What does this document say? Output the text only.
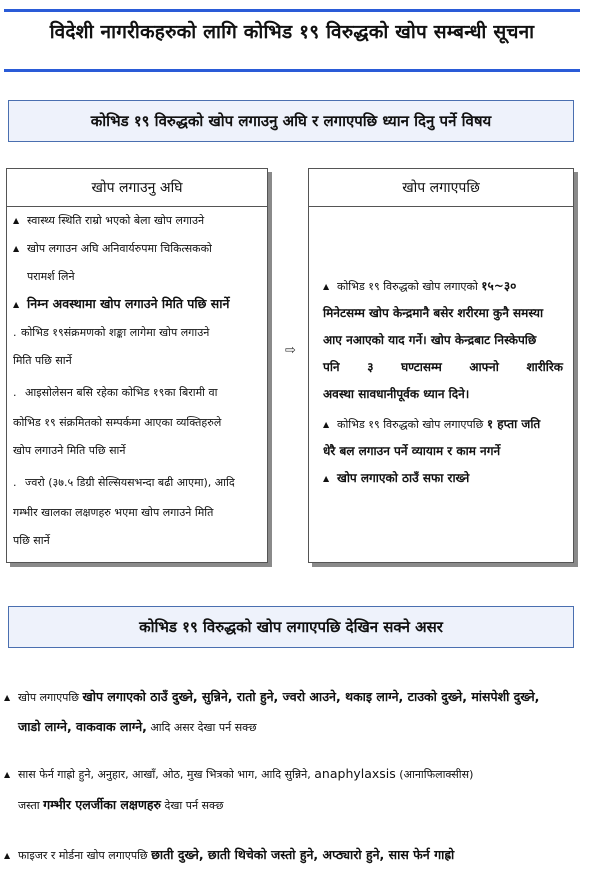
विदेशी नागरीकहरुको लागि कोभिड १९ विरुद्धको खोप सम्बन्धी सूचना
कोभिड १९ विरुद्धको खोप लगाउनु अघि र लगाएपछि ध्यान दिनु पर्ने विषय
खोप लगाउनु अघि
▲ स्वास्थ्य स्थिति राम्रो भएको बेला खोप लगाउने
▲ खोप लगाउन अघि अनिवार्यरुपमा चिकित्सकको
परामर्श लिने
▲ निम्न अवस्थामा खोप लगाउने मिति पछि सार्ने
. कोभिड १९संक्रमणको शङ्का लागेमा खोप लगाउने
मिति पछि सार्ने
. आइसोलेसन बसि रहेका कोभिड १९का बिरामी वा
कोभिड १९ संक्रमितको सम्पर्कमा आएका व्यक्तिहरुले
खोप लगाउने मिति पछि सार्ने
. ज्वरो (३७.५ डिग्री सेल्सियसभन्दा बढी आएमा), आदि
गम्भीर खालका लक्षणहरु भएमा खोप लगाउने मिति
पछि सार्ने
⇨
खोप लगाएपछि
▲ कोभिड १९ विरुद्धको खोप लगाएको १५~३०
मिनेटसम्म खोप केन्द्रमानै बसेर शरीरमा कुनै समस्या
आए नआएको याद गर्ने। खोप केन्द्रबाट निस्केपछि
पनि ३ घण्टासम्म आफ्नो शारीरिक
अवस्था सावधानीपूर्वक ध्यान दिने।
▲ कोभिड १९ विरुद्धको खोप लगाएपछि १ हप्ता जति
धेरै बल लगाउन पर्ने व्यायाम र काम नगर्ने
▲ खोप लगाएको ठाउँ सफा राख्ने
कोभिड १९ विरुद्धको खोप लगाएपछि देखिन सक्ने असर
▲ खोप लगाएपछि खोप लगाएको ठाउँ दुख्ने, सुन्निने, रातो हुने, ज्वरो आउने, थकाइ लाग्ने, टाउको दुख्ने, मांसपेशी दुख्ने,
जाडो लाग्ने, वाकवाक लाग्ने, आदि असर देखा पर्न सक्छ
▲ सास फेर्न गाह्रो हुने, अनुहार, आखाँ, ओठ, मुख भित्रको भाग, आदि सुन्निने, anaphylaxsis (आनाफिलाक्सीस)
जस्ता गम्भीर एलर्जीका लक्षणहरु देखा पर्न सक्छ
▲ फाइजर र मोर्डना खोप लगाएपछि छाती दुख्ने, छाती थिचेको जस्तो हुने, अप्ठ्यारो हुने, सास फेर्न गाह्रो
